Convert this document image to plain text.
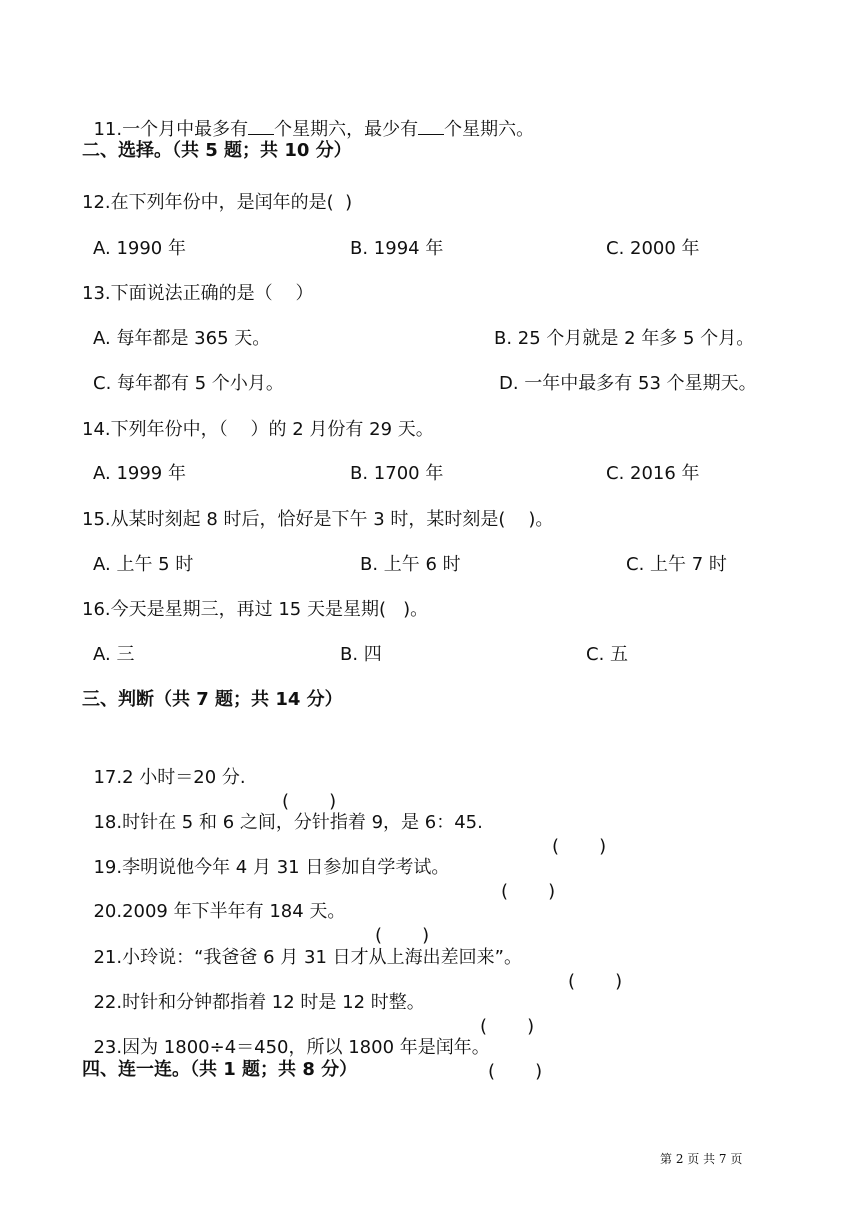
11.一个月中最多有 个星期六，最少有 个星期六。

二、选择。（共 5 题；共 10 分）
12.在下列年份中，是闰年的是(  )
A. 1990 年	B. 1994 年	C. 2000 年
13.下面说法正确的是（    ）
A. 每年都是 365 天。	B. 25 个月就是 2 年多 5 个月。
C. 每年都有 5 个小月。	D. 一年中最多有 53 个星期天。
14.下列年份中，（    ）的 2 月份有 29 天。
A. 1999 年	B. 1700 年	C. 2016 年
15.从某时刻起 8 时后，恰好是下午 3 时，某时刻是(    )。
A. 上午 5 时	B. 上午 6 时	C. 上午 7 时
16.今天是星期三，再过 15 天是星期(   )。
A. 三	B. 四	C. 五
三、判断（共 7 题；共 14 分）

17.2 小时＝20 分.

(       )

18.时针在 5 和 6 之间，分针指着 9，是 6：45.

(       )

19.李明说他今年 4 月 31 日参加自学考试。

(       )

20.2009 年下半年有 184 天。

(       )

21.小玲说：“我爸爸 6 月 31 日才从上海出差回来”。

(       )

22.时针和分钟都指着 12 时是 12 时整。

(       )

23.因为 1800÷4＝450，所以 1800 年是闰年。

(       )

四、连一连。（共 1 题；共 8 分）
第 2 页 共 7 页
